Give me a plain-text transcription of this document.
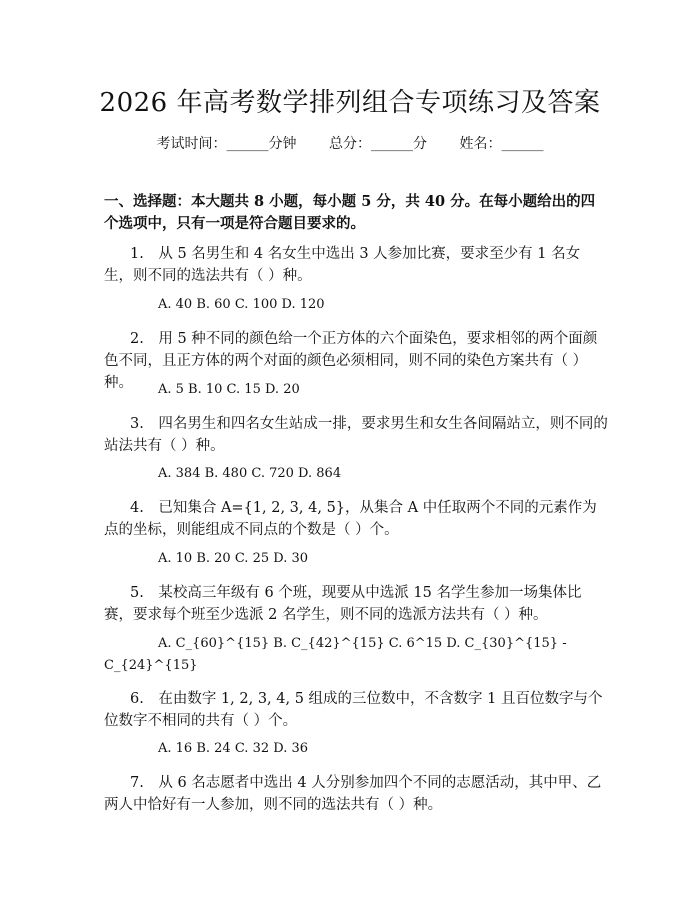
2026 年高考数学排列组合专项练习及答案
考试时间：______分钟 总分：______分 姓名：______
一、选择题：本大题共 8 小题，每小题 5 分，共 40 分。在每小题给出的四个选项中，只有一项是符合题目要求的。
1.　从 5 名男生和 4 名女生中选出 3 人参加比赛，要求至少有 1 名女生，则不同的选法共有（ ）种。
A. 40 B. 60 C. 100 D. 120
2.　用 5 种不同的颜色给一个正方体的六个面染色，要求相邻的两个面颜色不同，且正方体的两个对面的颜色必须相同，则不同的染色方案共有（ ）种。	A. 5 B. 10 C. 15 D. 20
3.　四名男生和四名女生站成一排，要求男生和女生各间隔站立，则不同的站法共有（ ）种。
A. 384 B. 480 C. 720 D. 864
4.　已知集合 A={1, 2, 3, 4, 5}，从集合 A 中任取两个不同的元素作为点的坐标，则能组成不同点的个数是（ ）个。
A. 10 B. 20 C. 25 D. 30
5.　某校高三年级有 6 个班，现要从中选派 15 名学生参加一场集体比赛，要求每个班至少选派 2 名学生，则不同的选派方法共有（ ）种。
A. C_{60}^{15} B. C_{42}^{15} C. 6^15 D. C_{30}^{15} - C_{24}^{15}
6.　在由数字 1, 2, 3, 4, 5 组成的三位数中，不含数字 1 且百位数字与个位数字不相同的共有（ ）个。
A. 16 B. 24 C. 32 D. 36
7.　从 6 名志愿者中选出 4 人分别参加四个不同的志愿活动，其中甲、乙两人中恰好有一人参加，则不同的选法共有（ ）种。
